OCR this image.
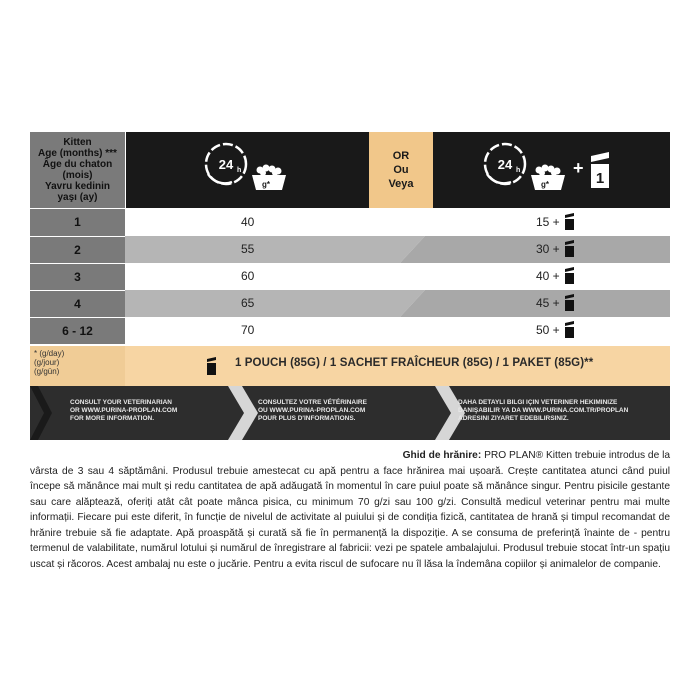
Kitten
Age (months) ***
Âge du chaton (mois)
Yavru kedinin
yaşı (ay)
1
2
3
4
6 - 12
OR
Ou
Veya
24 h
g*
24 h
g*
+
1
40
55
60
65
70
15 +
30 +
40 +
45 +
50 +
* (g/day)
(g/jour)
(g/gün)
1 POUCH (85G) / 1 SACHET FRAÎCHEUR (85G) / 1 PAKET (85G)**
CONSULT YOUR VETERINARIAN
OR WWW.PURINA-PROPLAN.COM
FOR MORE INFORMATION.
CONSULTEZ VOTRE VÉTÉRINAIRE
OU WWW.PURINA-PROPLAN.COM
POUR PLUS D'INFORMATIONS.
DAHA DETAYLI BILGI IÇIN VETERINER HEKIMINIZE
DANIŞABILIR YA DA WWW.PURINA.COM.TR/PROPLAN
ADRESINI ZIYARET EDEBILIRSINIZ.

Ghid de hrănire: PRO PLAN® Kitten trebuie introdus de la

vârsta de 3 sau 4 săptămâni. Produsul trebuie amestecat cu apă pentru a face hrănirea mai ușoară. Crește cantitatea atunci când puiul începe să mănânce mai mult și redu cantitatea de apă adăugată în momentul în care puiul poate să mănânce singur. Pentru pisicile gestante sau care alăptează, oferiți atât cât poate mânca pisica, cu minimum 70 g/zi sau 100 g/zi. Consultă medicul veterinar pentru mai multe informații. Fiecare pui este diferit, în funcție de nivelul de activitate al puiului și de condiția fizică, cantitatea de hrană și timpul recomandat de hrănire trebuie să fie adaptate. Apă proaspătă și curată să fie în permanență la dispoziție. A se consuma de preferință înainte de - pentru termenul de valabilitate, numărul lotului și numărul de înregistrare al fabricii: vezi pe spatele ambalajului. Produsul trebuie stocat într-un spațiu uscat și răcoros. Acest ambalaj nu este o jucărie. Pentru a evita riscul de sufocare nu îl lăsa la îndemâna copiilor și animalelor de companie.
